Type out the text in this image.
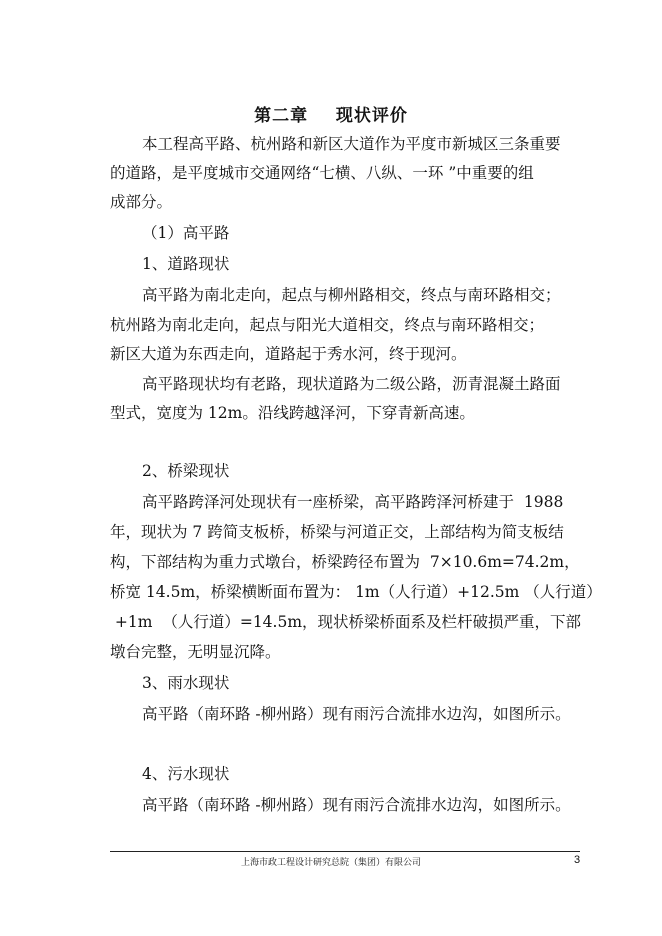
第二章    现状评价
本工程高平路、杭州路和新区大道作为平度市新城区三条重要
的道路，是平度城市交通网络“七横、八纵、一环 ”中重要的组
成部分。
（1）高平路
1、道路现状
高平路为南北走向，起点与柳州路相交，终点与南环路相交；
杭州路为南北走向，起点与阳光大道相交，终点与南环路相交；
新区大道为东西走向，道路起于秀水河，终于现河。
高平路现状均有老路，现状道路为二级公路，沥青混凝土路面
型式，宽度为 12m。沿线跨越泽河，下穿青新高速。
2、桥梁现状
高平路跨泽河处现状有一座桥梁，高平路跨泽河桥建于  1988
年，现状为 7 跨简支板桥，桥梁与河道正交，上部结构为简支板结
构，下部结构为重力式墩台，桥梁跨径布置为  7×10.6m=74.2m，
桥宽 14.5m，桥梁横断面布置为： 1m（人行道）+12.5m （人行道）
+1m  （人行道）=14.5m，现状桥梁桥面系及栏杆破损严重，下部
墩台完整，无明显沉降。
3、雨水现状
高平路（南环路 -柳州路）现有雨污合流排水边沟，如图所示。
4、污水现状
高平路（南环路 -柳州路）现有雨污合流排水边沟，如图所示。
上海市政工程设计研究总院（集团）有限公司	3
